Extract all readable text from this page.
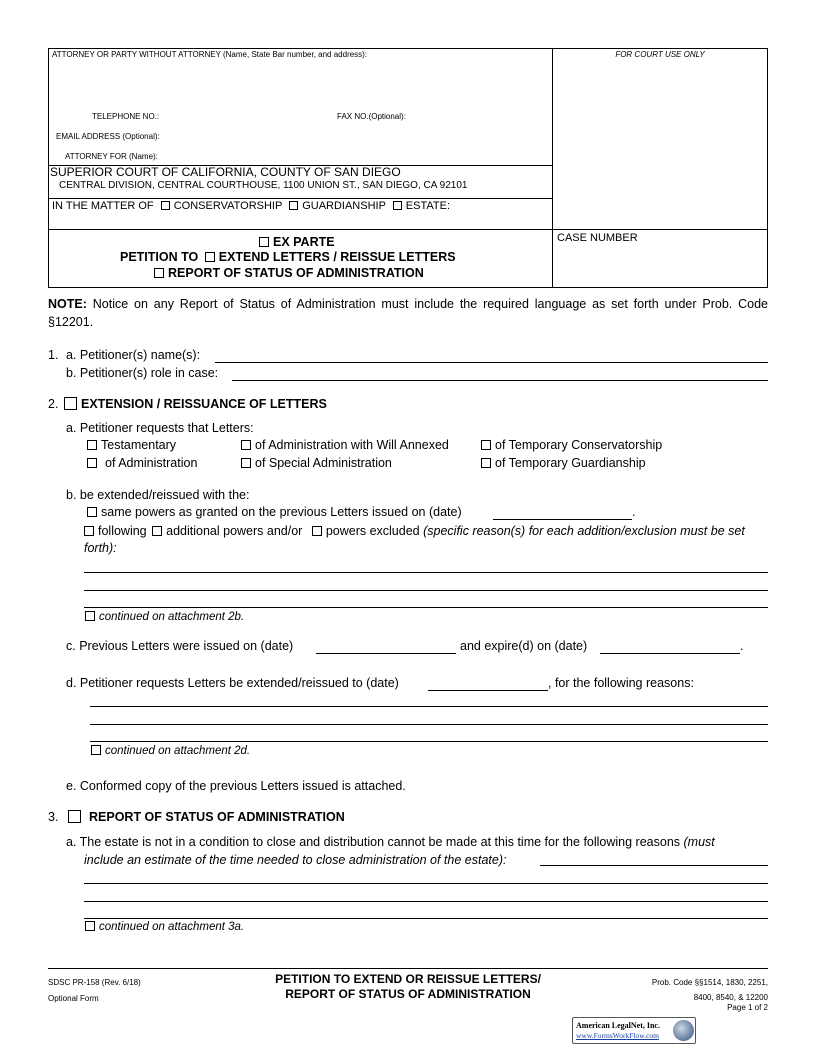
ATTORNEY OR PARTY WITHOUT ATTORNEY (Name, State Bar number, and address):	FOR COURT USE ONLY
TELEPHONE NO.:	FAX NO.(Optional):
EMAIL ADDRESS (Optional):
ATTORNEY FOR (Name):
SUPERIOR COURT OF CALIFORNIA, COUNTY OF SAN DIEGO
CENTRAL DIVISION, CENTRAL COURTHOUSE, 1100 UNION ST., SAN DIEGO, CA 92101
IN THE MATTER OF CONSERVATORSHIP GUARDIANSHIP ESTATE:
EX PARTE
PETITION TO EXTEND LETTERS / REISSUE LETTERS
REPORT OF STATUS OF ADMINISTRATION
CASE NUMBER
NOTE: Notice on any Report of Status of Administration must include the required language as set forth under Prob. Code §12201.
1. a. Petitioner(s) name(s):
b. Petitioner(s) role in case:
2.	EXTENSION / REISSUANCE OF LETTERS
a. Petitioner requests that Letters:
Testamentary	of Administration with Will Annexed	of Temporary Conservatorship
of Administration	of Special Administration	of Temporary Guardianship
b. be extended/reissued with the:
same powers as granted on the previous Letters issued on (date)	.
following additional powers and/or powers excluded (specific reason(s) for each addition/exclusion must be set forth):
continued on attachment 2b.
c. Previous Letters were issued on (date)	and expire(d) on (date)	.
d. Petitioner requests Letters be extended/reissued to (date)	, for the following reasons:
continued on attachment 2d.
e. Conformed copy of the previous Letters issued is attached.
3.	REPORT OF STATUS OF ADMINISTRATION
a. The estate is not in a condition to close and distribution cannot be made at this time for the following reasons (must
include an estimate of the time needed to close administration of the estate):
continued on attachment 3a.
SDSC PR-158 (Rev. 6/18)
Optional Form
PETITION TO EXTEND OR REISSUE LETTERS/
REPORT OF STATUS OF ADMINISTRATION
Prob. Code §§1514, 1830, 2251,
8400, 8540, & 12200
Page 1 of 2
American LegalNet, Inc.
www.FormsWorkFlow.com
